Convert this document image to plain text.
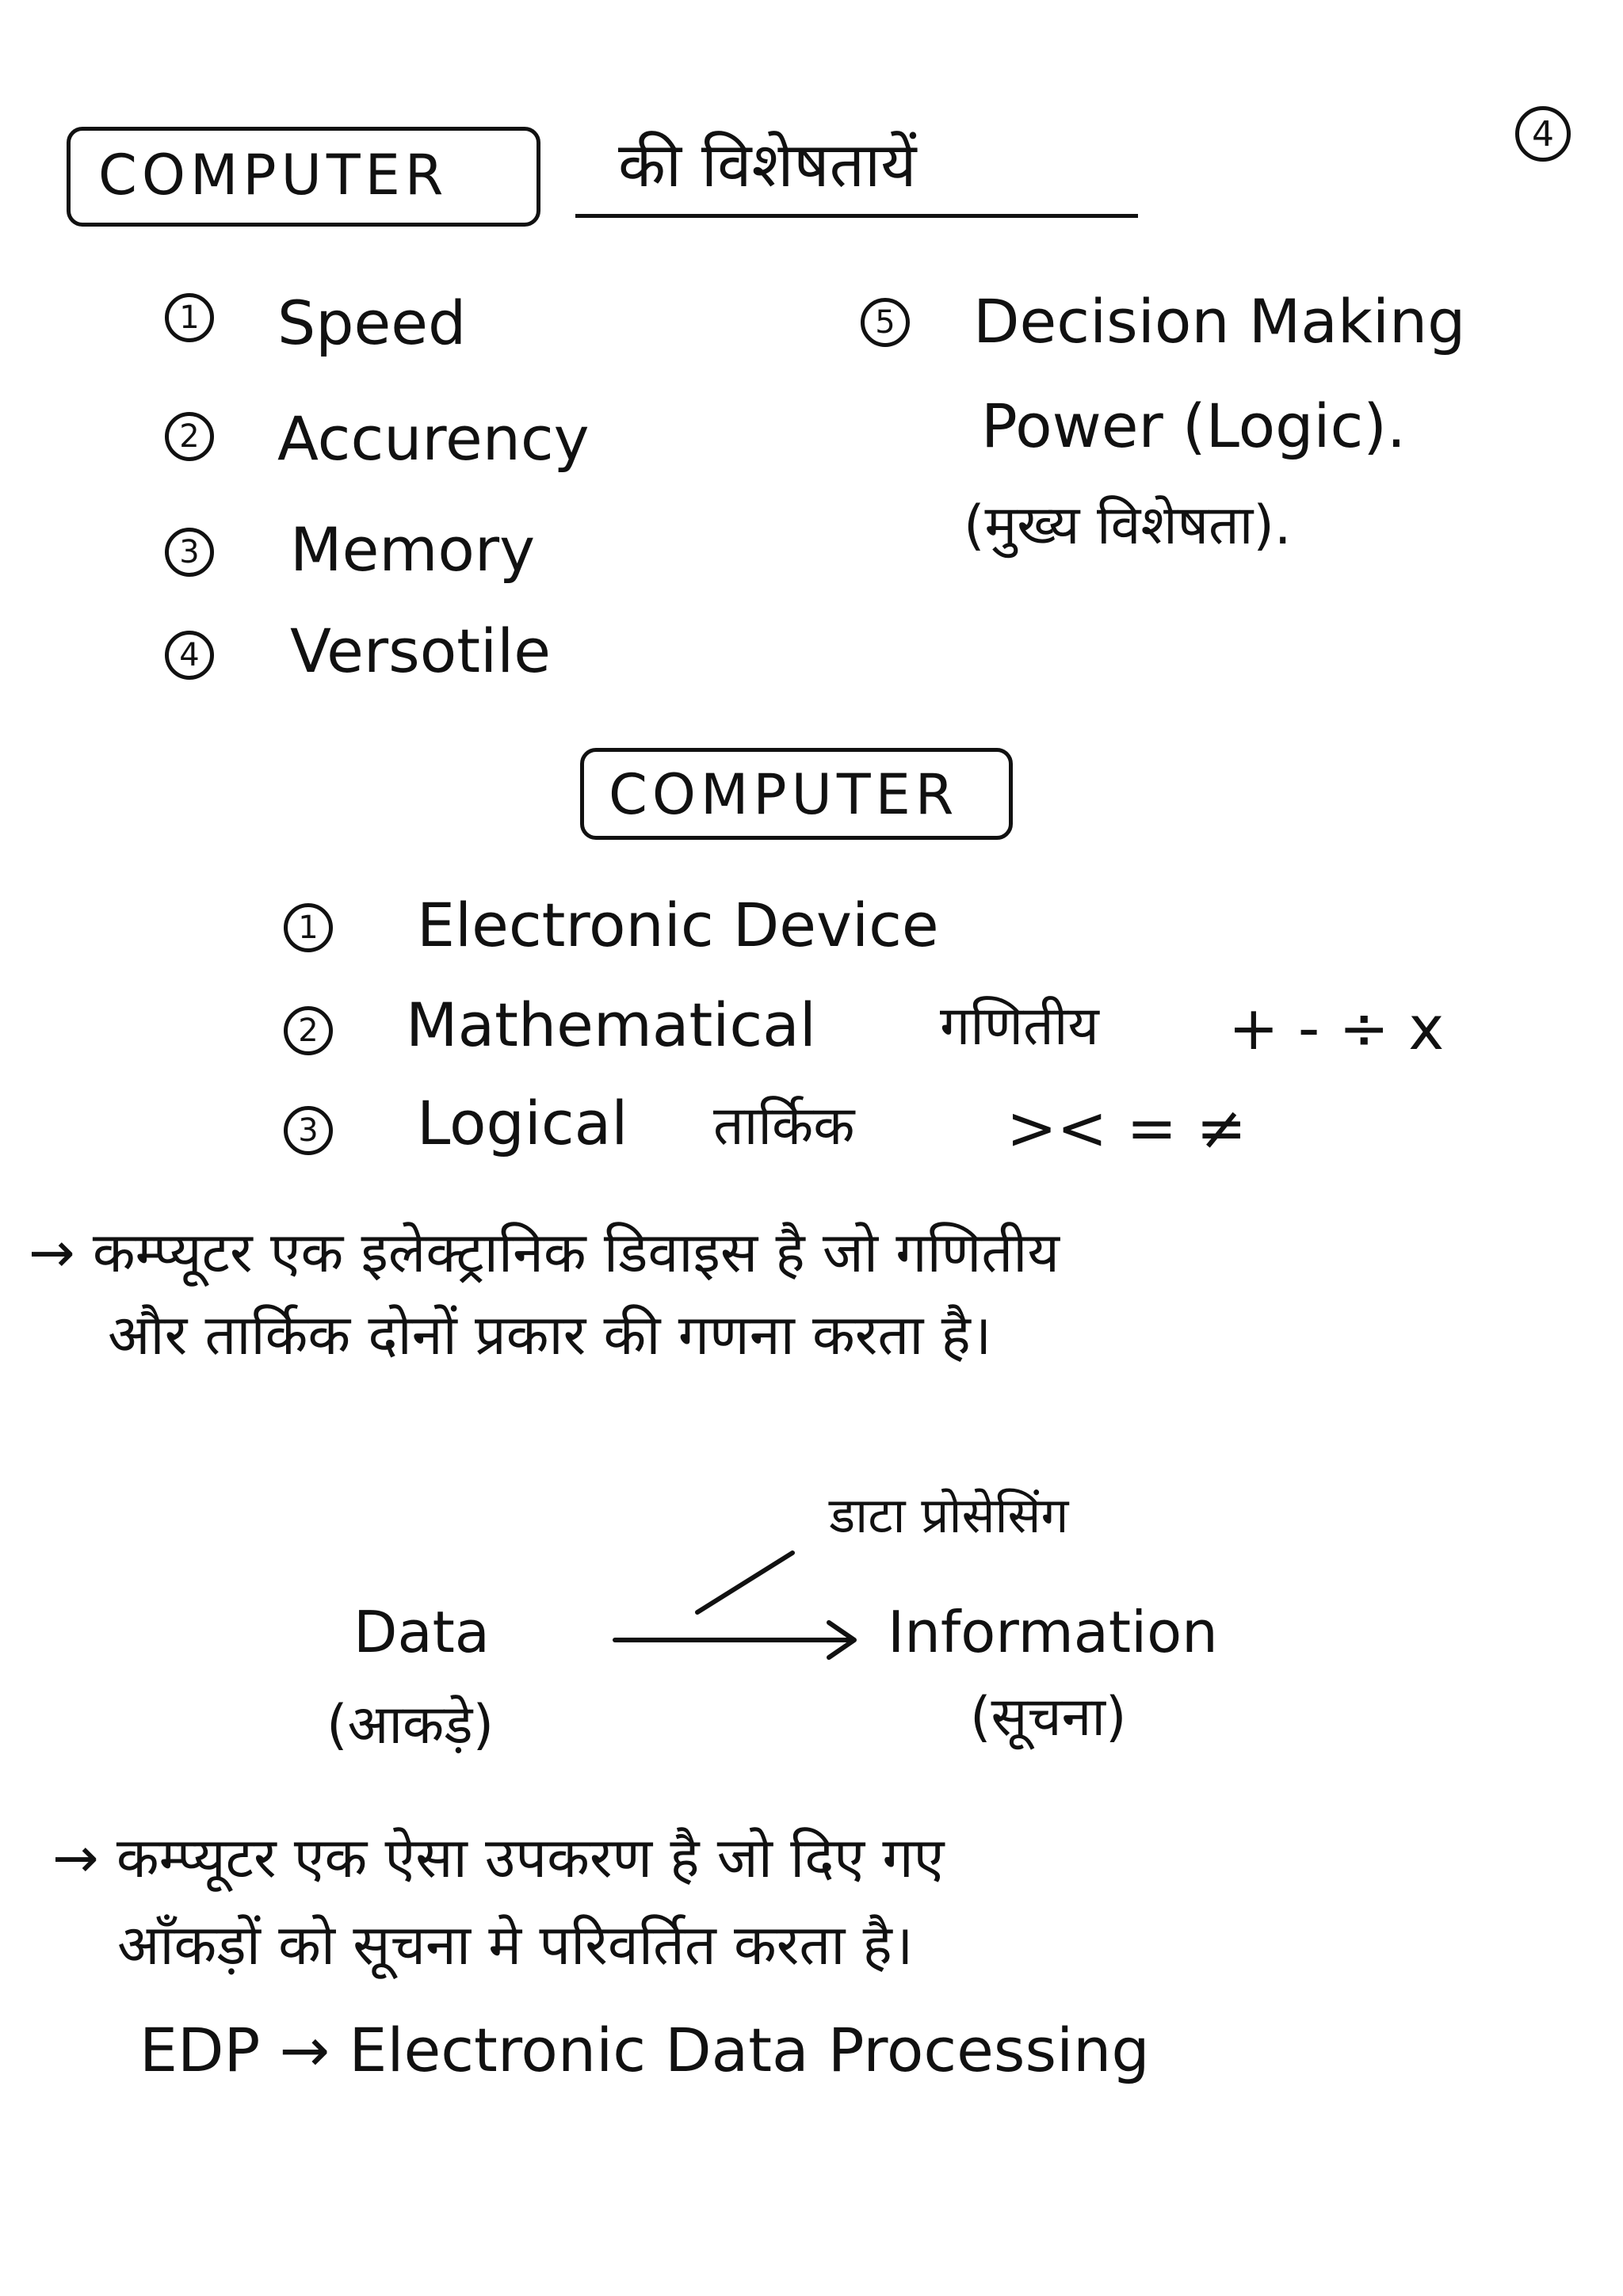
4
COMPUTER	की विशेषतायें
1 Speed
2 Accurency
3 Memory
4 Versotile
5 Decision Making
Power (Logic).
(मुख्य विशेषता).
COMPUTER
1 Electronic Device
2 Mathematical गणितीय + - ÷ x
3 Logical तार्किक	>< = ≠
→ कम्प्यूटर एक इलेक्ट्रानिक डिवाइस है जो गणितीय
और तार्किक दोनों प्रकार की गणना करता है।
डाटा प्रोसेसिंग
Data	Information
(आकड़े)	(सूचना)
→ कम्प्यूटर एक ऐसा उपकरण है जो दिए गए
आँकड़ों को सूचना मे परिवर्तित करता है।
EDP → Electronic Data Processing
